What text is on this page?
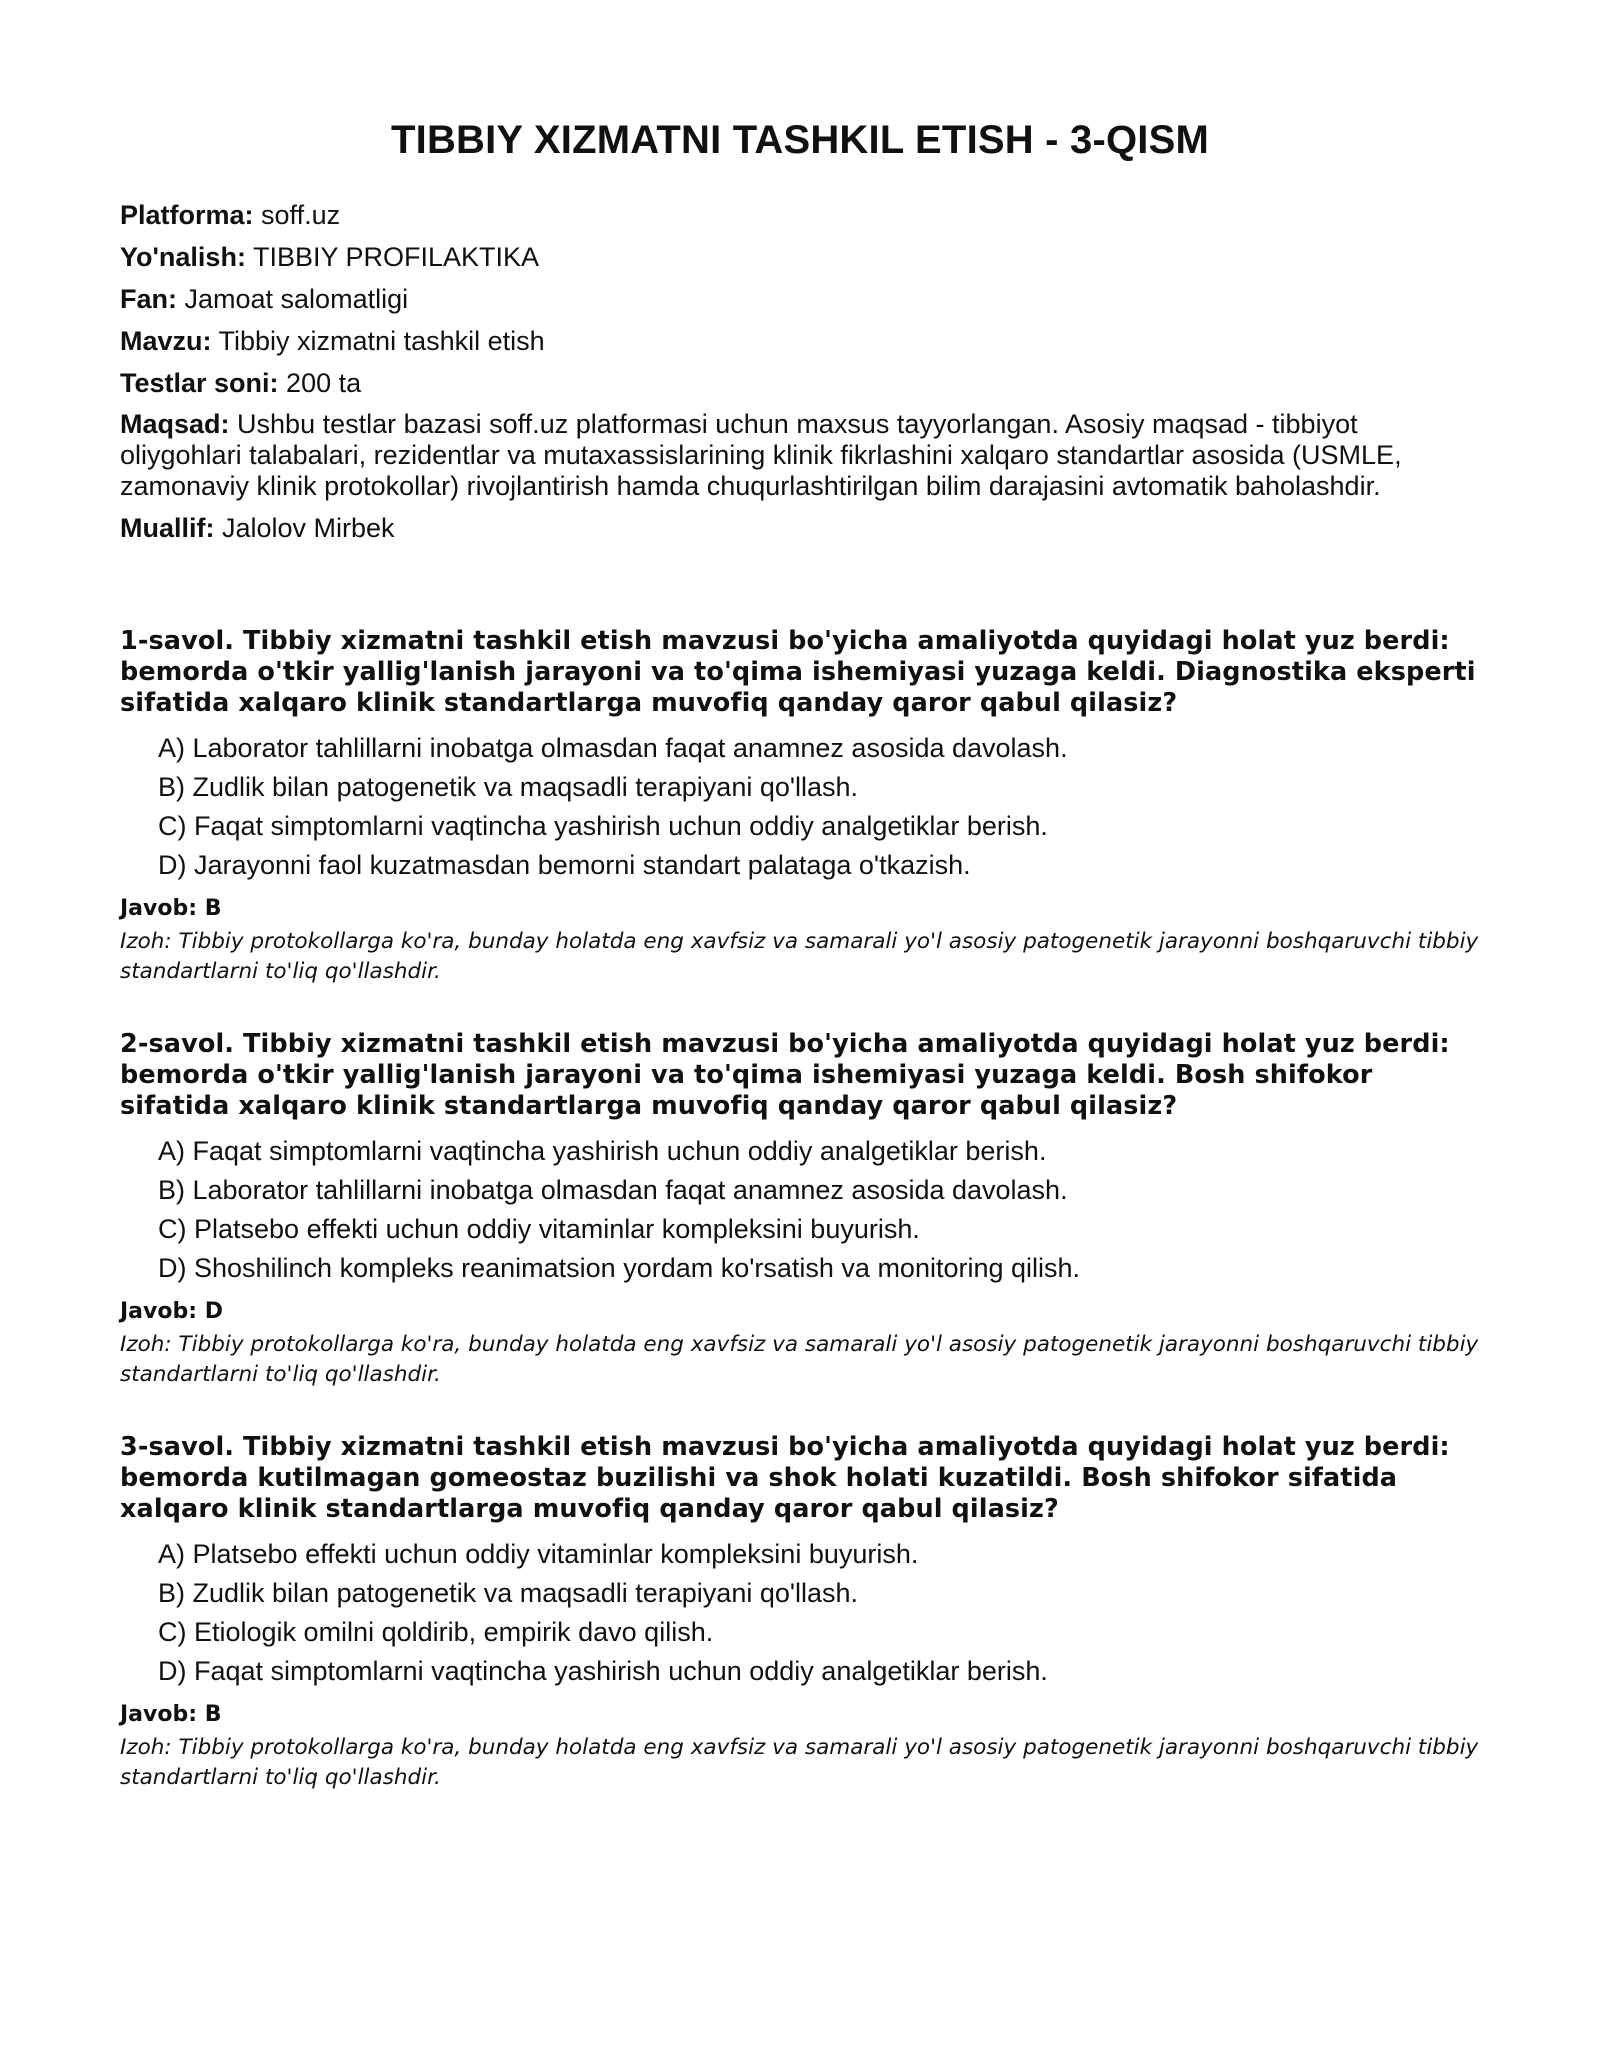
TIBBIY XIZMATNI TASHKIL ETISH - 3-QISM
Platforma: soff.uz
Yo'nalish: TIBBIY PROFILAKTIKA
Fan: Jamoat salomatligi
Mavzu: Tibbiy xizmatni tashkil etish
Testlar soni: 200 ta
Maqsad: Ushbu testlar bazasi soff.uz platformasi uchun maxsus tayyorlangan. Asosiy maqsad - tibbiyot oliygohlari talabalari, rezidentlar va mutaxassislarining klinik fikrlashini xalqaro standartlar asosida (USMLE, zamonaviy klinik protokollar) rivojlantirish hamda chuqurlashtirilgan bilim darajasini avtomatik baholashdir.
Muallif: Jalolov Mirbek

1-savol. Tibbiy xizmatni tashkil etish mavzusi bo'yicha amaliyotda quyidagi holat yuz berdi: bemorda o'tkir yallig'lanish jarayoni va to'qima ishemiyasi yuzaga keldi. Diagnostika eksperti sifatida xalqaro klinik standartlarga muvofiq qanday qaror qabul qilasiz?

A) Laborator tahlillarni inobatga olmasdan faqat anamnez asosida davolash.
B) Zudlik bilan patogenetik va maqsadli terapiyani qo'llash.
C) Faqat simptomlarni vaqtincha yashirish uchun oddiy analgetiklar berish.
D) Jarayonni faol kuzatmasdan bemorni standart palataga o'tkazish.
Javob: B

Izoh: Tibbiy protokollarga ko'ra, bunday holatda eng xavfsiz va samarali yo'l asosiy patogenetik jarayonni boshqaruvchi tibbiy standartlarni to'liq qo'llashdir.

2-savol. Tibbiy xizmatni tashkil etish mavzusi bo'yicha amaliyotda quyidagi holat yuz berdi: bemorda o'tkir yallig'lanish jarayoni va to'qima ishemiyasi yuzaga keldi. Bosh shifokor sifatida xalqaro klinik standartlarga muvofiq qanday qaror qabul qilasiz?

A) Faqat simptomlarni vaqtincha yashirish uchun oddiy analgetiklar berish.
B) Laborator tahlillarni inobatga olmasdan faqat anamnez asosida davolash.
C) Platsebo effekti uchun oddiy vitaminlar kompleksini buyurish.
D) Shoshilinch kompleks reanimatsion yordam ko'rsatish va monitoring qilish.
Javob: D

Izoh: Tibbiy protokollarga ko'ra, bunday holatda eng xavfsiz va samarali yo'l asosiy patogenetik jarayonni boshqaruvchi tibbiy standartlarni to'liq qo'llashdir.

3-savol. Tibbiy xizmatni tashkil etish mavzusi bo'yicha amaliyotda quyidagi holat yuz berdi: bemorda kutilmagan gomeostaz buzilishi va shok holati kuzatildi. Bosh shifokor sifatida xalqaro klinik standartlarga muvofiq qanday qaror qabul qilasiz?

A) Platsebo effekti uchun oddiy vitaminlar kompleksini buyurish.
B) Zudlik bilan patogenetik va maqsadli terapiyani qo'llash.
C) Etiologik omilni qoldirib, empirik davo qilish.
D) Faqat simptomlarni vaqtincha yashirish uchun oddiy analgetiklar berish.
Javob: B

Izoh: Tibbiy protokollarga ko'ra, bunday holatda eng xavfsiz va samarali yo'l asosiy patogenetik jarayonni boshqaruvchi tibbiy standartlarni to'liq qo'llashdir.
